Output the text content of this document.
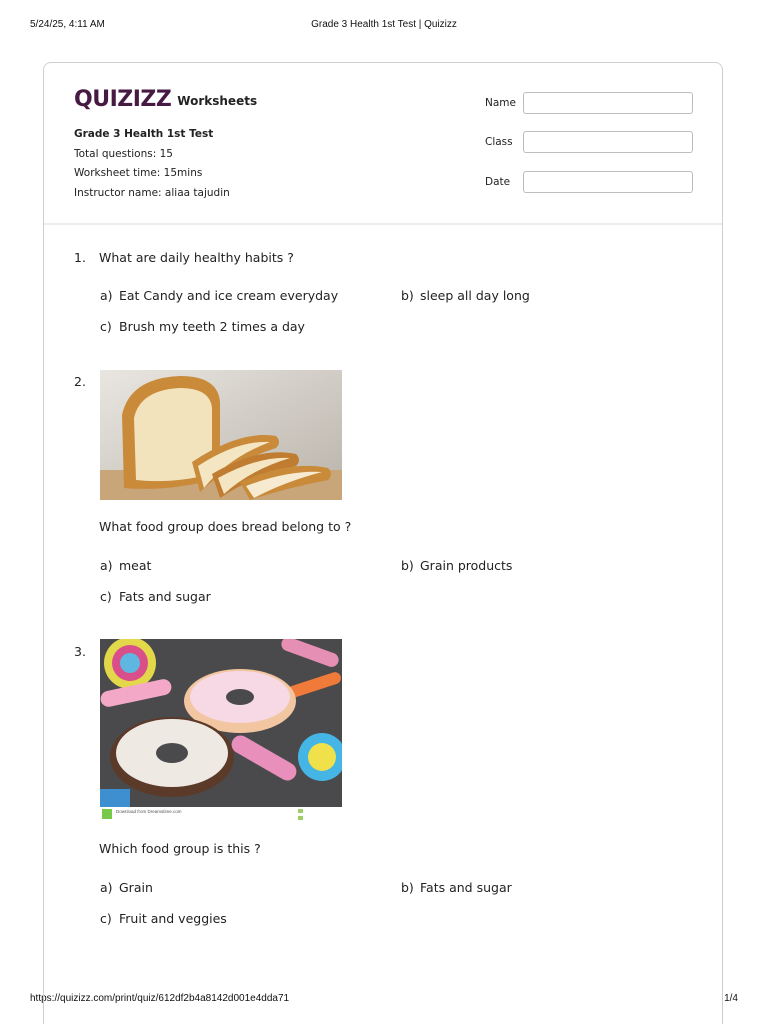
5/24/25, 4:11 AM	Grade 3 Health 1st Test | Quizizz
https://quizizz.com/print/quiz/612df2b4a8142d001e4dda71	1/4
QUIZIZZ Worksheets
Grade 3 Health 1st Test
Total questions: 15
Worksheet time: 15mins
Instructor name: aliaa tajudin
Name
Class
Date
1.	What are daily healthy habits ?
a) Eat Candy and ice cream everyday	b) sleep all day long
c) Brush my teeth 2 times a day
2.
What food group does bread belong to ?
a) meat	b) Grain products
c) Fats and sugar
3.
Download from Dreamstime.com
Which food group is this ?
a) Grain	b) Fats and sugar
c) Fruit and veggies
